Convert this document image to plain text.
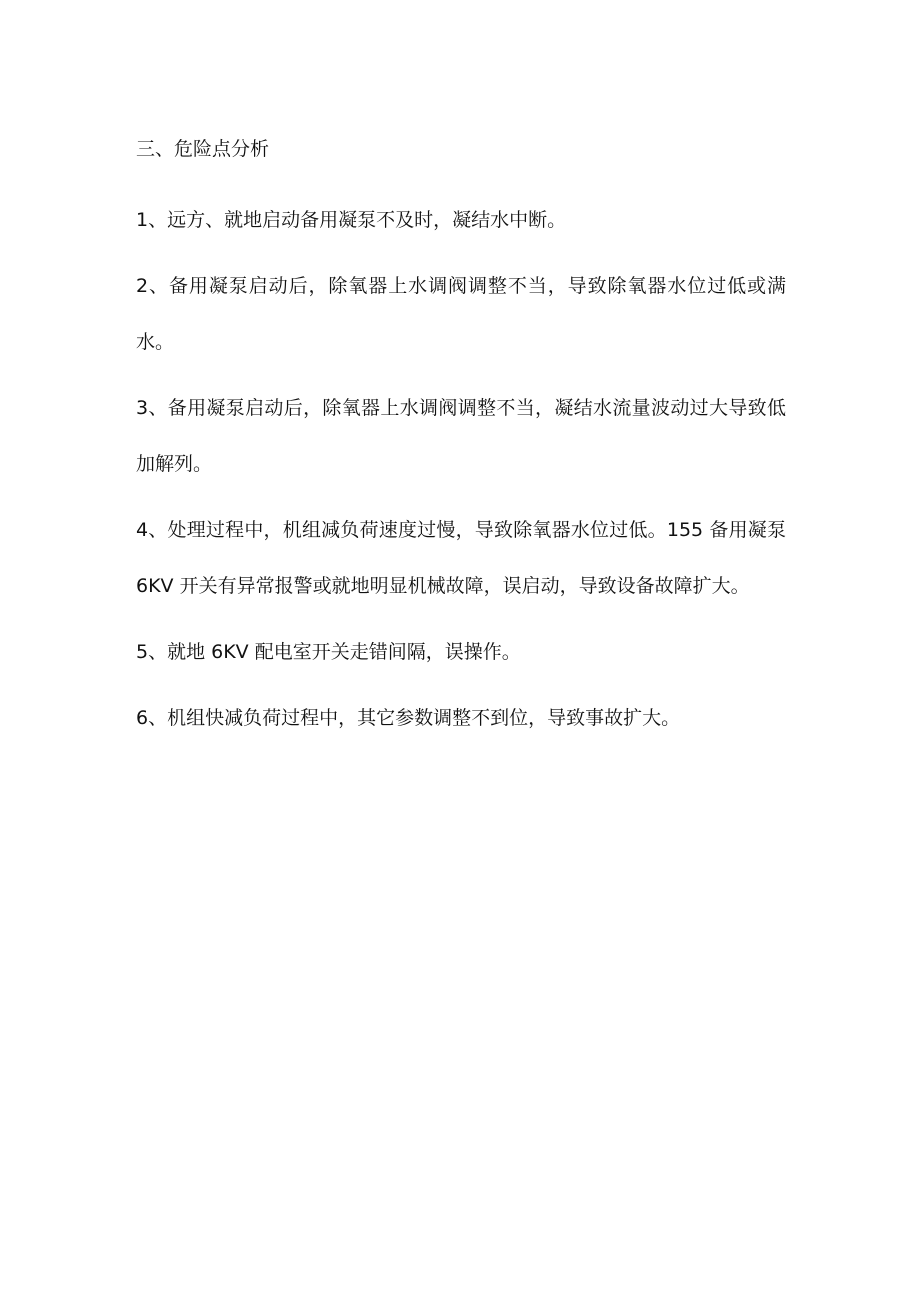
三、危险点分析

1、远方、就地启动备用凝泵不及时，凝结水中断。

2、备用凝泵启动后，除氧器上水调阀调整不当，导致除氧器水位过低或满水。

3、备用凝泵启动后，除氧器上水调阀调整不当，凝结水流量波动过大导致低加解列。

4、处理过程中，机组减负荷速度过慢，导致除氧器水位过低。155 备用凝泵 6KV 开关有异常报警或就地明显机械故障，误启动，导致设备故障扩大。

5、就地 6KV 配电室开关走错间隔，误操作。

6、机组快减负荷过程中，其它参数调整不到位，导致事故扩大。
